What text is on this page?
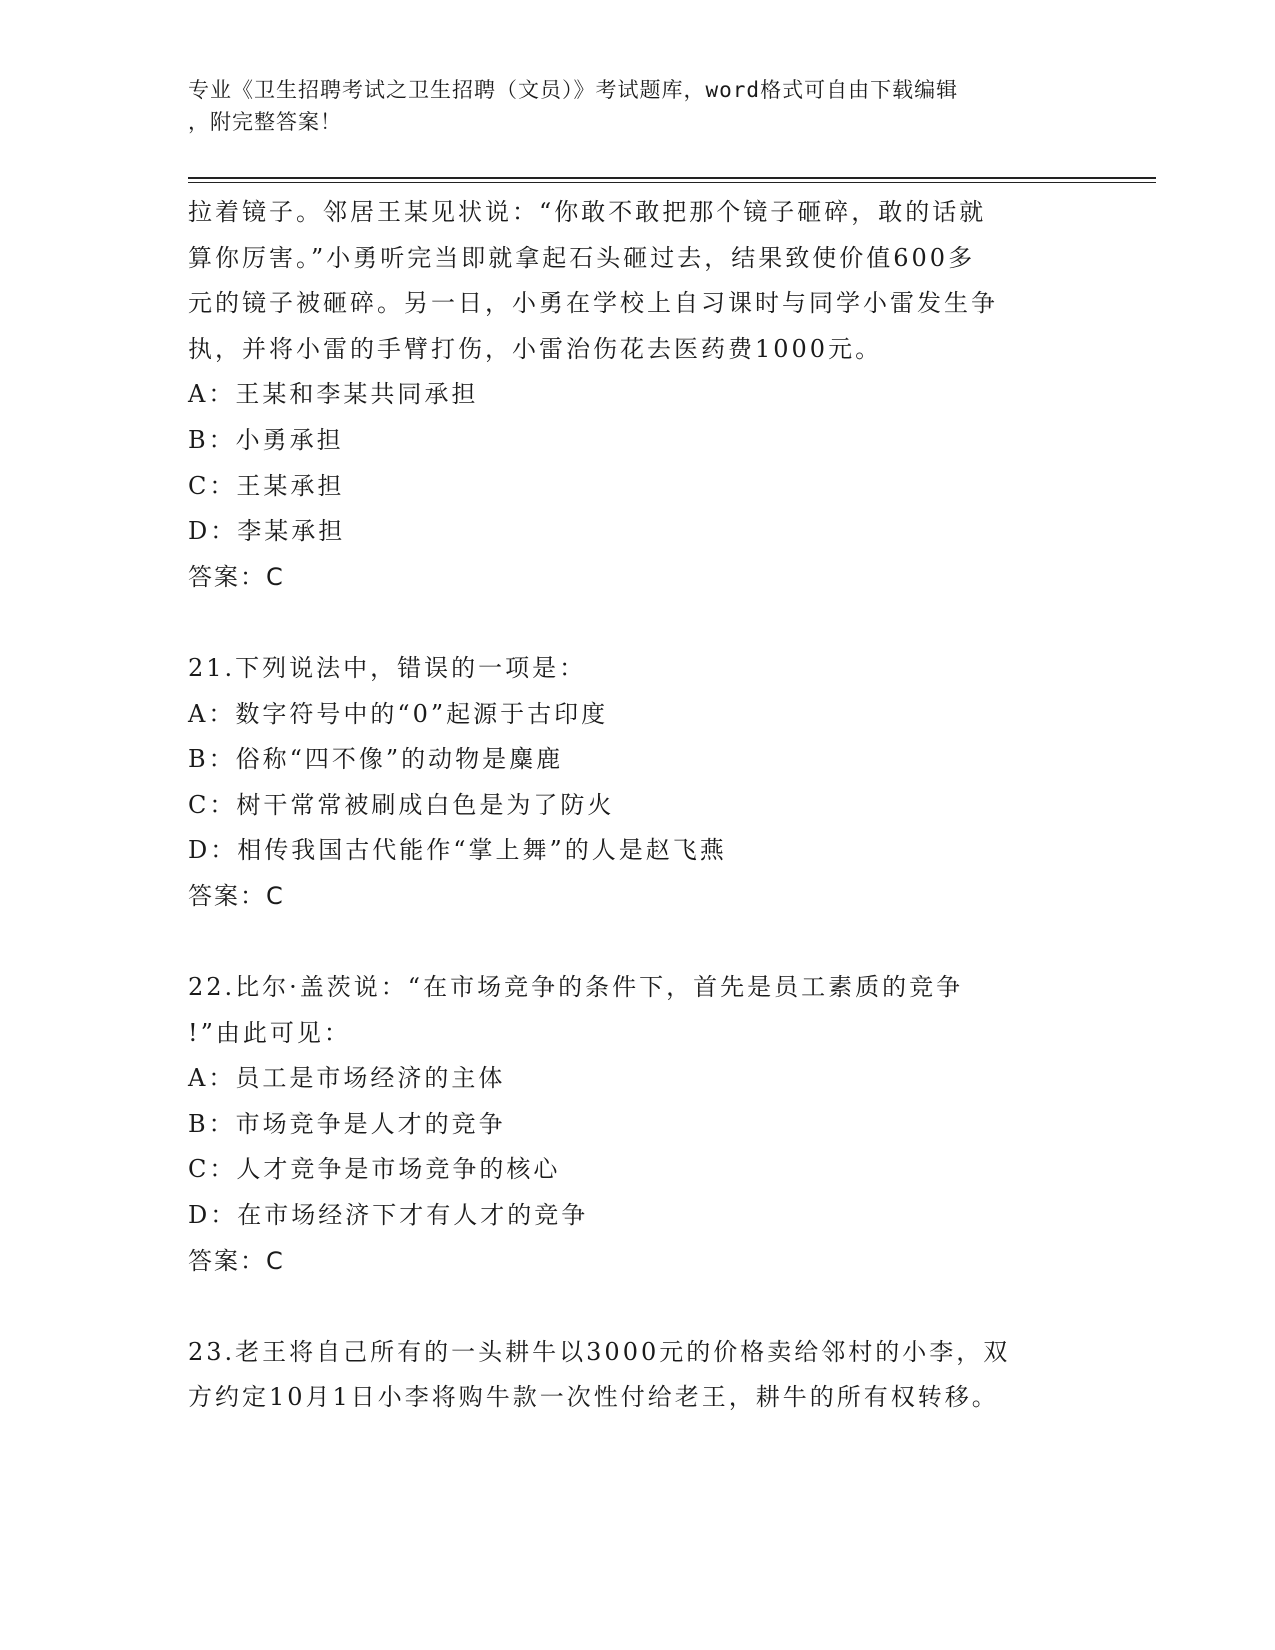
专业《卫生招聘考试之卫生招聘（文员）》考试题库，word格式可自由下载编辑
，附完整答案！
拉着镜子。邻居王某见状说：“你敢不敢把那个镜子砸碎，敢的话就
算你厉害。”小勇听完当即就拿起石头砸过去，结果致使价值600多
元的镜子被砸碎。另一日，小勇在学校上自习课时与同学小雷发生争
执，并将小雷的手臂打伤，小雷治伤花去医药费1000元。
A：王某和李某共同承担
B：小勇承担
C：王某承担
D：李某承担
答案：C
21.下列说法中，错误的一项是：
A：数字符号中的“0”起源于古印度
B：俗称“四不像”的动物是麋鹿
C：树干常常被刷成白色是为了防火
D：相传我国古代能作“掌上舞”的人是赵飞燕
答案：C
22.比尔·盖茨说：“在市场竞争的条件下，首先是员工素质的竞争
!”由此可见：
A：员工是市场经济的主体
B：市场竞争是人才的竞争
C：人才竞争是市场竞争的核心
D：在市场经济下才有人才的竞争
答案：C
23.老王将自己所有的一头耕牛以3000元的价格卖给邻村的小李，双
方约定10月1日小李将购牛款一次性付给老王，耕牛的所有权转移。
